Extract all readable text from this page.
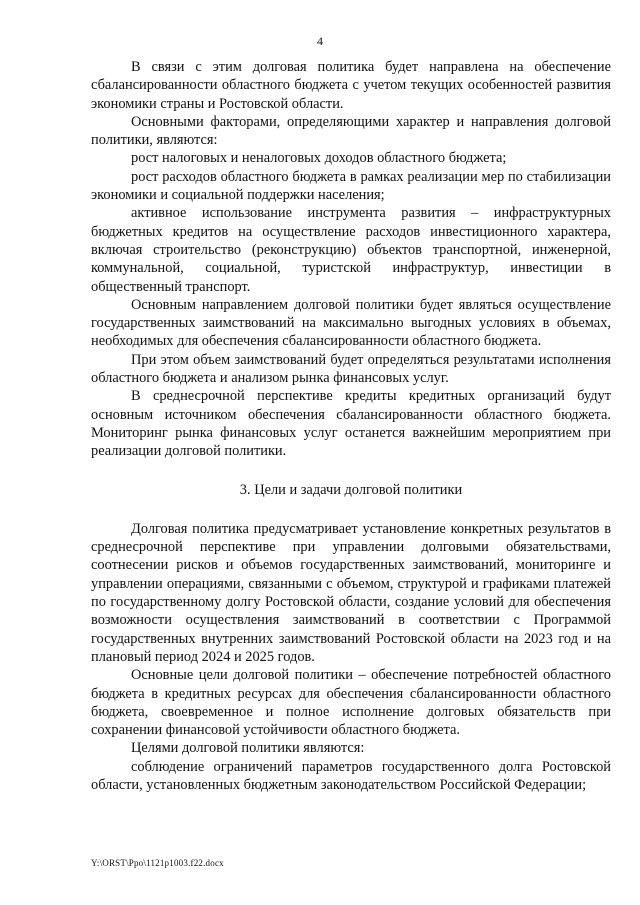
4

В связи с этим долговая политика будет направлена на обеспечение сбалансированности областного бюджета с учетом текущих особенностей развития экономики страны и Ростовской области.

Основными факторами, определяющими характер и направления долговой политики, являются:

рост налоговых и неналоговых доходов областного бюджета;

рост расходов областного бюджета в рамках реализации мер по стабилизации экономики и социальной поддержки населения;

активное использование инструмента развития – инфраструктурных бюджетных кредитов на осуществление расходов инвестиционного характера, включая строительство (реконструкцию) объектов транспортной, инженерной, коммунальной, социальной, туристской инфраструктур, инвестиции в общественный транспорт.

Основным направлением долговой политики будет являться осуществление государственных заимствований на максимально выгодных условиях в объемах, необходимых для обеспечения сбалансированности областного бюджета.

При этом объем заимствований будет определяться результатами исполнения областного бюджета и анализом рынка финансовых услуг.

В среднесрочной перспективе кредиты кредитных организаций будут основным источником обеспечения сбалансированности областного бюджета. Мониторинг рынка финансовых услуг останется важнейшим мероприятием при реализации долговой политики.

3. Цели и задачи долговой политики

Долговая политика предусматривает установление конкретных результатов в среднесрочной перспективе при управлении долговыми обязательствами, соотнесении рисков и объемов государственных заимствований, мониторинге и управлении операциями, связанными с объемом, структурой и графиками платежей по государственному долгу Ростовской области, создание условий для обеспечения возможности осуществления заимствований в соответствии с Программой государственных внутренних заимствований Ростовской области на 2023 год и на плановый период 2024 и 2025 годов.

Основные цели долговой политики – обеспечение потребностей областного бюджета в кредитных ресурсах для обеспечения сбалансированности областного бюджета, своевременное и полное исполнение долговых обязательств при сохранении финансовой устойчивости областного бюджета.

Целями долговой политики являются:

соблюдение ограничений параметров государственного долга Ростовской области, установленных бюджетным законодательством Российской Федерации;

Y:\ORST\Ppo\1121p1003.f22.docx
